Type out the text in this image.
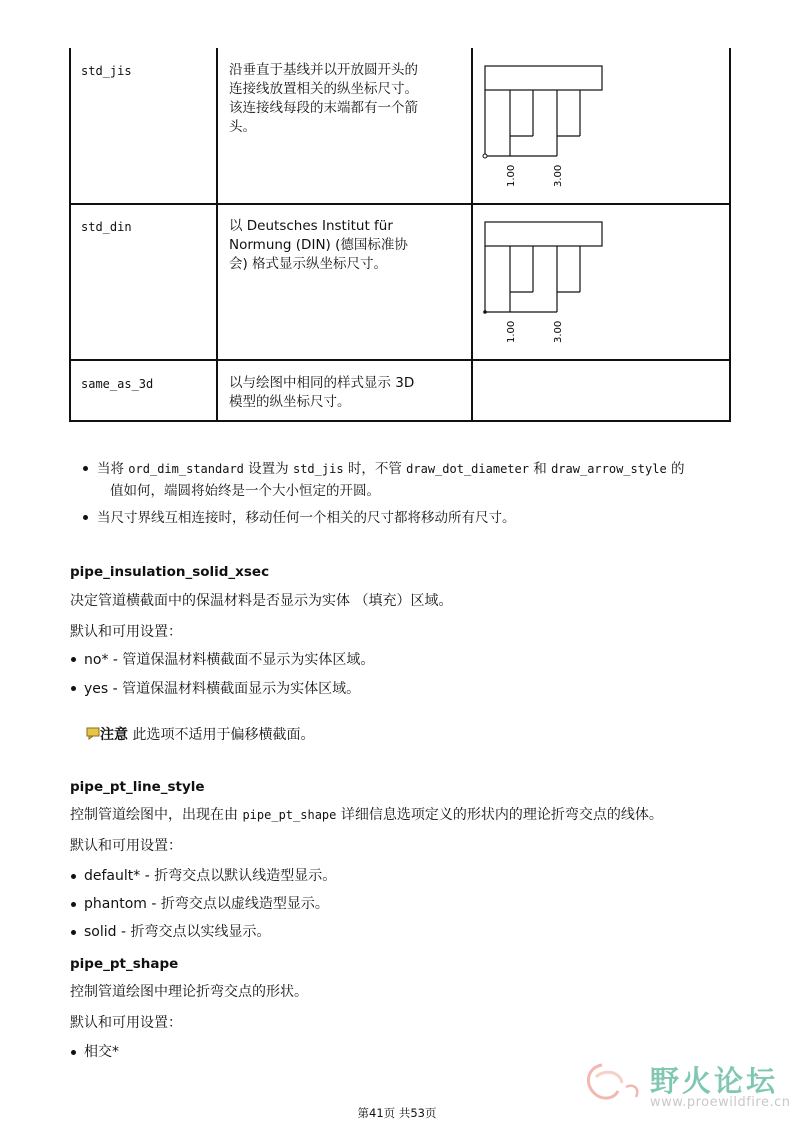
std_jis	沿垂直于基线并以开放圆开头的
连接线放置相关的纵坐标尺寸。
该连接线每段的末端都有一个箭
头。
1.00	3.00
std_din	以 Deutsches Institut für
Normung (DIN) (德国标准协
会) 格式显示纵坐标尺寸。
1.00	3.00
same_as_3d	以与绘图中相同的样式显示 3D
模型的纵坐标尺寸。
当将 ord_dim_standard 设置为 std_jis 时，不管 draw_dot_diameter 和 draw_arrow_style 的
值如何，端圆将始终是一个大小恒定的开圆。
当尺寸界线互相连接时，移动任何一个相关的尺寸都将移动所有尺寸。
pipe_insulation_solid_xsec
决定管道横截面中的保温材料是否显示为实体 （填充）区域。
默认和可用设置：
no* - 管道保温材料横截面不显示为实体区域。
yes - 管道保温材料横截面显示为实体区域。
注意 此选项不适用于偏移横截面。
pipe_pt_line_style
控制管道绘图中，出现在由 pipe_pt_shape 详细信息选项定义的形状内的理论折弯交点的线体。
默认和可用设置：
default* - 折弯交点以默认线造型显示。
phantom - 折弯交点以虚线造型显示。
solid - 折弯交点以实线显示。
pipe_pt_shape
控制管道绘图中理论折弯交点的形状。
默认和可用设置：
相交*
野火论坛
www.proewildfire.cn
第41页 共53页
